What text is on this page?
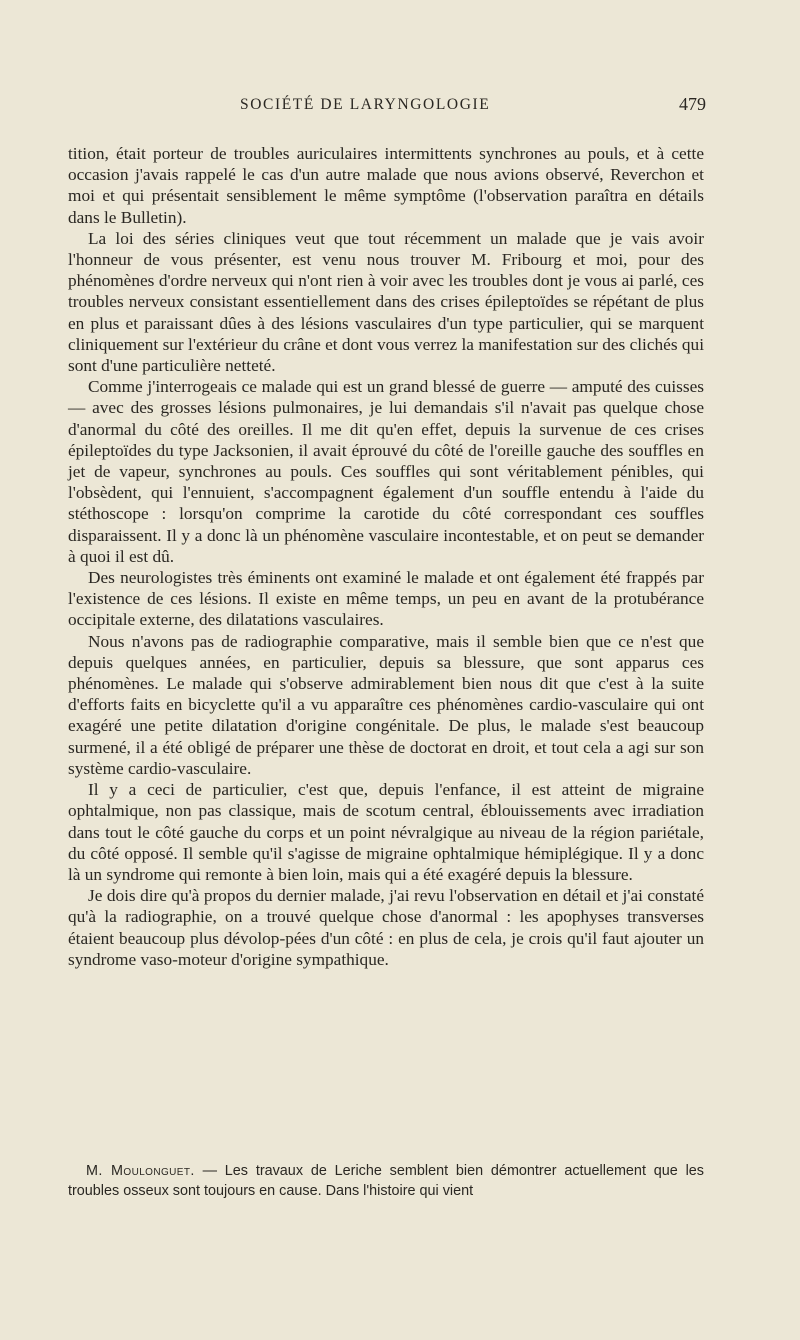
SOCIÉTÉ DE LARYNGOLOGIE	479

tition, était porteur de troubles auriculaires intermittents synchrones au pouls, et à cette occasion j'avais rappelé le cas d'un autre malade que nous avions observé, Reverchon et moi et qui présentait sensiblement le même symptôme (l'observation paraîtra en détails dans le Bulletin).

La loi des séries cliniques veut que tout récemment un malade que je vais avoir l'honneur de vous présenter, est venu nous trouver M. Fribourg et moi, pour des phénomènes d'ordre nerveux qui n'ont rien à voir avec les troubles dont je vous ai parlé, ces troubles nerveux consistant essentiellement dans des crises épileptoïdes se répétant de plus en plus et paraissant dûes à des lésions vasculaires d'un type particulier, qui se marquent cliniquement sur l'extérieur du crâne et dont vous verrez la manifestation sur des clichés qui sont d'une particulière netteté.

Comme j'interrogeais ce malade qui est un grand blessé de guerre — amputé des cuisses — avec des grosses lésions pulmonaires, je lui demandais s'il n'avait pas quelque chose d'anormal du côté des oreilles. Il me dit qu'en effet, depuis la survenue de ces crises épileptoïdes du type Jacksonien, il avait éprouvé du côté de l'oreille gauche des souffles en jet de vapeur, synchrones au pouls. Ces souffles qui sont véritablement pénibles, qui l'obsèdent, qui l'ennuient, s'accompagnent également d'un souffle entendu à l'aide du stéthoscope : lorsqu'on comprime la carotide du côté correspondant ces souffles disparaissent. Il y a donc là un phénomène vasculaire incontestable, et on peut se demander à quoi il est dû.

Des neurologistes très éminents ont examiné le malade et ont également été frappés par l'existence de ces lésions. Il existe en même temps, un peu en avant de la protubérance occipitale externe, des dilatations vasculaires.

Nous n'avons pas de radiographie comparative, mais il semble bien que ce n'est que depuis quelques années, en particulier, depuis sa blessure, que sont apparus ces phénomènes. Le malade qui s'observe admirablement bien nous dit que c'est à la suite d'efforts faits en bicyclette qu'il a vu apparaître ces phénomènes cardio-vasculaire qui ont exagéré une petite dilatation d'origine congénitale. De plus, le malade s'est beaucoup surmené, il a été obligé de préparer une thèse de doctorat en droit, et tout cela a agi sur son système cardio-vasculaire.

Il y a ceci de particulier, c'est que, depuis l'enfance, il est atteint de migraine ophtalmique, non pas classique, mais de scotum central, éblouissements avec irradiation dans tout le côté gauche du corps et un point névralgique au niveau de la région pariétale, du côté opposé. Il semble qu'il s'agisse de migraine ophtalmique hémiplégique. Il y a donc là un syndrome qui remonte à bien loin, mais qui a été exagéré depuis la blessure.

Je dois dire qu'à propos du dernier malade, j'ai revu l'observation en détail et j'ai constaté qu'à la radiographie, on a trouvé quelque chose d'anormal : les apophyses transverses étaient beaucoup plus dévolop-pées d'un côté : en plus de cela, je crois qu'il faut ajouter un syndrome vaso-moteur d'origine sympathique.

M. Moulonguet. — Les travaux de Leriche semblent bien démontrer actuellement que les troubles osseux sont toujours en cause. Dans l'histoire qui vient
